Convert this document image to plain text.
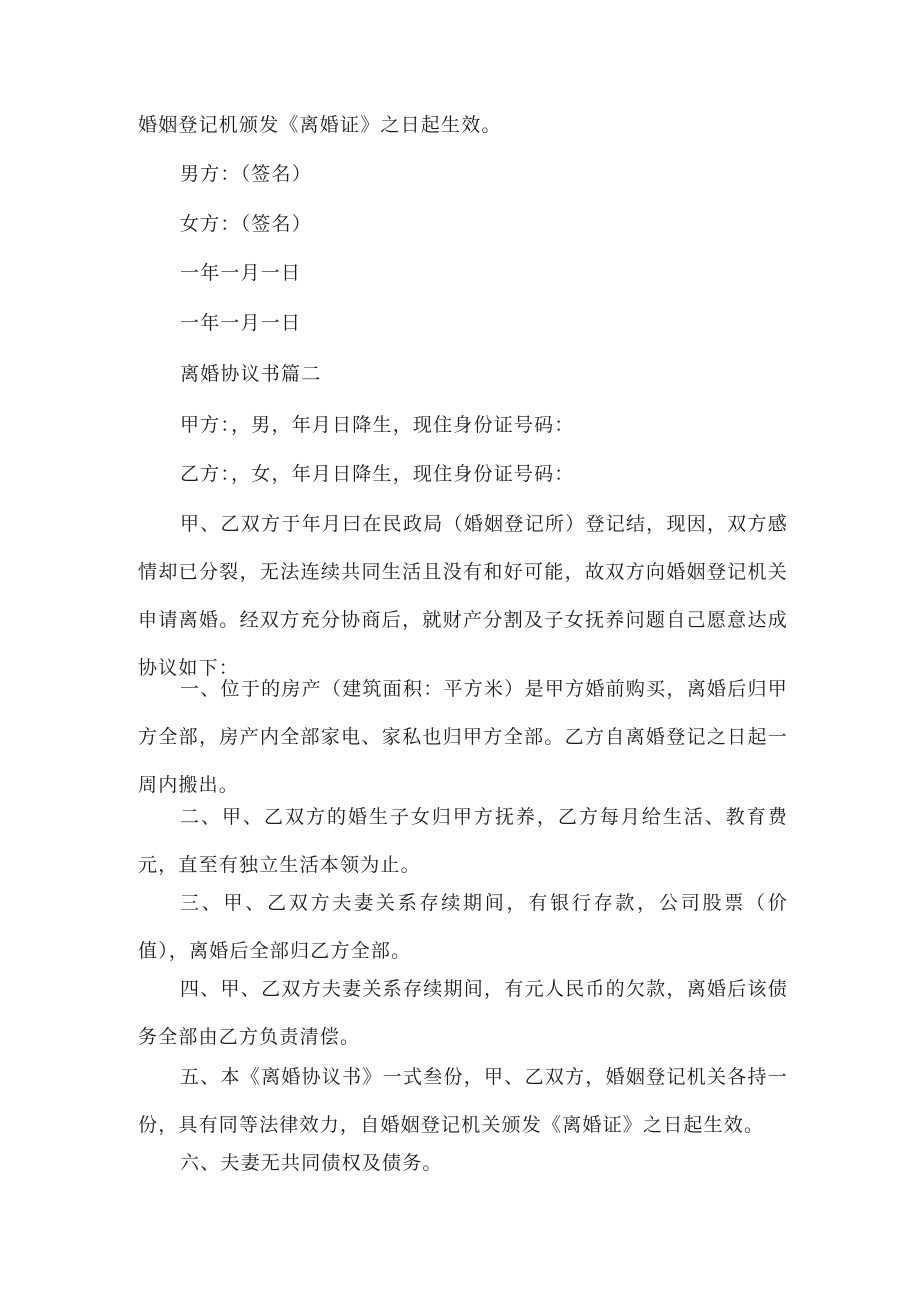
婚姻登记机颁发《离婚证》之日起生效。
男方：（签名）
女方：（签名）
一年一月一日
一年一月一日
离婚协议书篇二
甲方：，男，年月日降生，现住身份证号码：
乙方：，女，年月日降生，现住身份证号码：

甲、乙双方于年月曰在民政局（婚姻登记所）登记结，现因，双方感情却已分裂，无法连续共同生活且没有和好可能，故双方向婚姻登记机关申请离婚。经双方充分协商后，就财产分割及子女抚养问题自己愿意达成协议如下：

一、位于的房产（建筑面积：平方米）是甲方婚前购买，离婚后归甲方全部，房产内全部家电、家私也归甲方全部。乙方自离婚登记之日起一周内搬出。

二、甲、乙双方的婚生子女归甲方抚养，乙方每月给生活、教育费元，直至有独立生活本领为止。

三、甲、乙双方夫妻关系存续期间，有银行存款，公司股票（价值），离婚后全部归乙方全部。

四、甲、乙双方夫妻关系存续期间，有元人民币的欠款，离婚后该债务全部由乙方负责清偿。

五、本《离婚协议书》一式叁份，甲、乙双方，婚姻登记机关各持一份，具有同等法律效力，自婚姻登记机关颁发《离婚证》之日起生效。

六、夫妻无共同债权及债务。
